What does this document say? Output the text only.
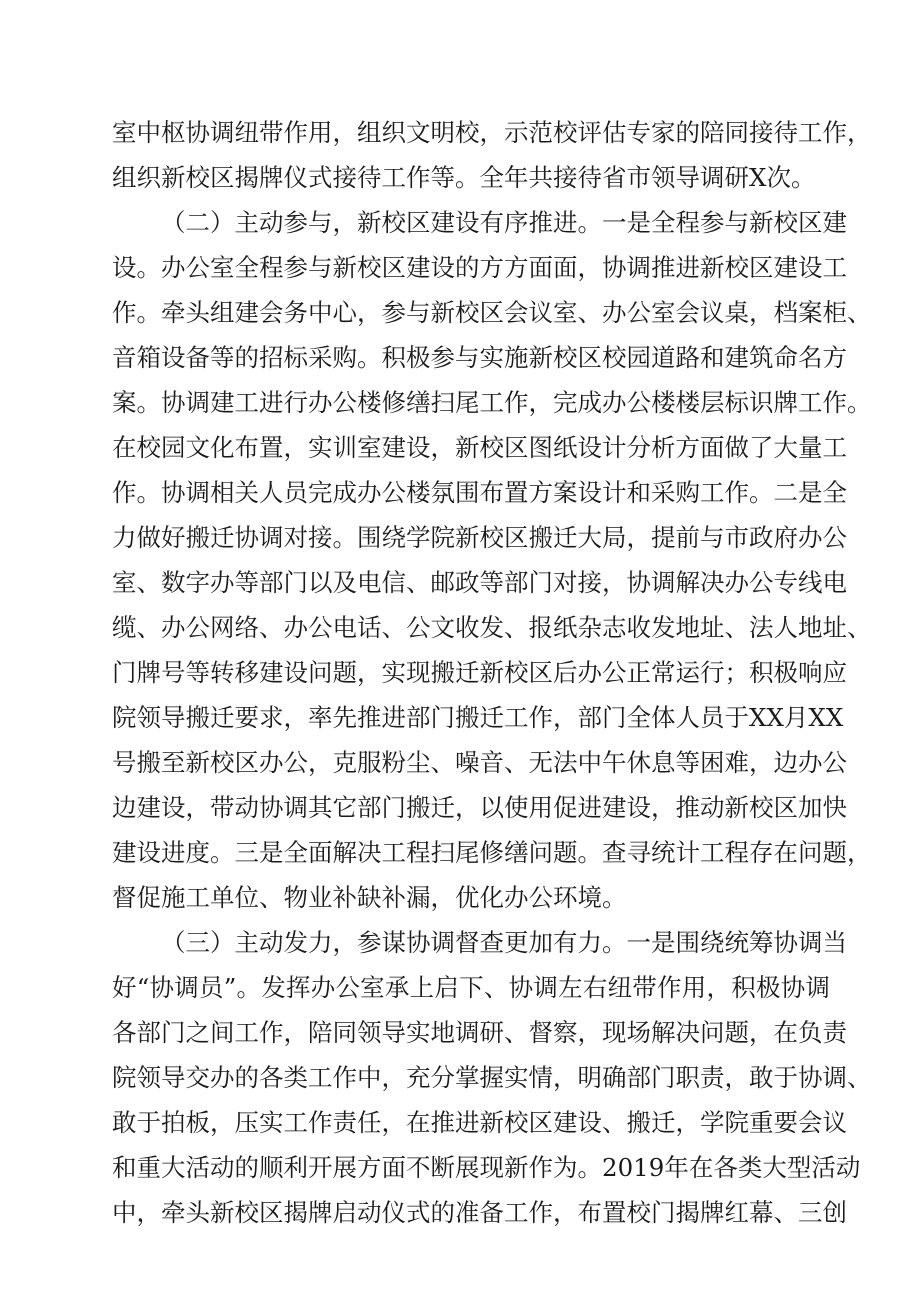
室中枢协调纽带作用，组织文明校，示范校评估专家的陪同接待工作，
组织新校区揭牌仪式接待工作等。全年共接待省市领导调研X次。
（二）主动参与，新校区建设有序推进。一是全程参与新校区建
设。办公室全程参与新校区建设的方方面面，协调推进新校区建设工
作。牵头组建会务中心，参与新校区会议室、办公室会议桌，档案柜、
音箱设备等的招标采购。积极参与实施新校区校园道路和建筑命名方
案。协调建工进行办公楼修缮扫尾工作，完成办公楼楼层标识牌工作。
在校园文化布置，实训室建设，新校区图纸设计分析方面做了大量工
作。协调相关人员完成办公楼氛围布置方案设计和采购工作。二是全
力做好搬迁协调对接。围绕学院新校区搬迁大局，提前与市政府办公
室、数字办等部门以及电信、邮政等部门对接，协调解决办公专线电
缆、办公网络、办公电话、公文收发、报纸杂志收发地址、法人地址、
门牌号等转移建设问题，实现搬迁新校区后办公正常运行；积极响应
院领导搬迁要求，率先推进部门搬迁工作，部门全体人员于XX月XX
号搬至新校区办公，克服粉尘、噪音、无法中午休息等困难，边办公
边建设，带动协调其它部门搬迁，以使用促进建设，推动新校区加快
建设进度。三是全面解决工程扫尾修缮问题。查寻统计工程存在问题，
督促施工单位、物业补缺补漏，优化办公环境。
（三）主动发力，参谋协调督查更加有力。一是围绕统筹协调当
好“协调员”。发挥办公室承上启下、协调左右纽带作用，积极协调
各部门之间工作，陪同领导实地调研、督察，现场解决问题，在负责
院领导交办的各类工作中，充分掌握实情，明确部门职责，敢于协调、
敢于拍板，压实工作责任，在推进新校区建设、搬迁，学院重要会议
和重大活动的顺利开展方面不断展现新作为。2019年在各类大型活动
中，牵头新校区揭牌启动仪式的准备工作，布置校门揭牌红幕、三创
